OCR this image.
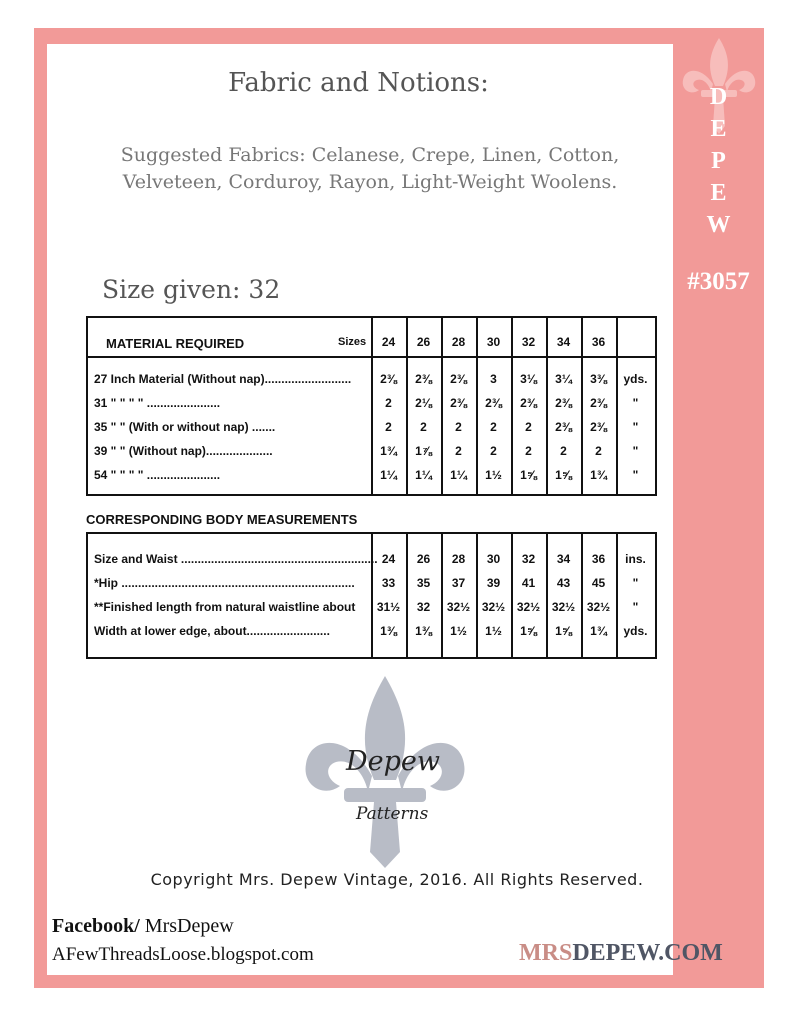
D
E
P
E
W
#3057
Fabric and Notions:
Suggested Fabrics: Celanese, Crepe, Linen, Cotton,
Velveteen, Corduroy, Rayon, Light-Weight Woolens.
Size given: 32
MATERIAL REQUIRED	Sizes	24	26	28	30	32	34	36
27 Inch Material (Without nap)..........................	2⅜	2⅜	2⅜	3	3⅛	3¼	3⅜	yds.
31 " " " " ......................	2	2⅛	2⅜	2⅜	2⅜	2⅜	2⅜	"
35 " " (With or without nap) .......	2	2	2	2	2	2⅜	2⅜	"
39 " " (Without nap)....................	1¾	1⅞	2	2	2	2	2	"
54 " " " " ......................	1¼	1¼	1¼	1½	1⅝	1⅝	1¾	"
CORRESPONDING BODY MEASUREMENTS
Size and Waist ........................................................... 24	26	28	30	32	34	36	ins.
*Hip ......................................................................	33	35	37	39	41	43	45	"
**Finished length from natural waistline about	31½	32	32½ 32½ 32½ 32½ 32½	"
Width at lower edge, about.........................	1⅜	1⅜	1½	1½	1⅝	1⅝	1¾	yds.
Depew
Patterns
Copyright Mrs. Depew Vintage, 2016. All Rights Reserved.
Facebook/ MrsDepew
AFewThreadsLoose.blogspot.com	MRSDEPEW.COM
